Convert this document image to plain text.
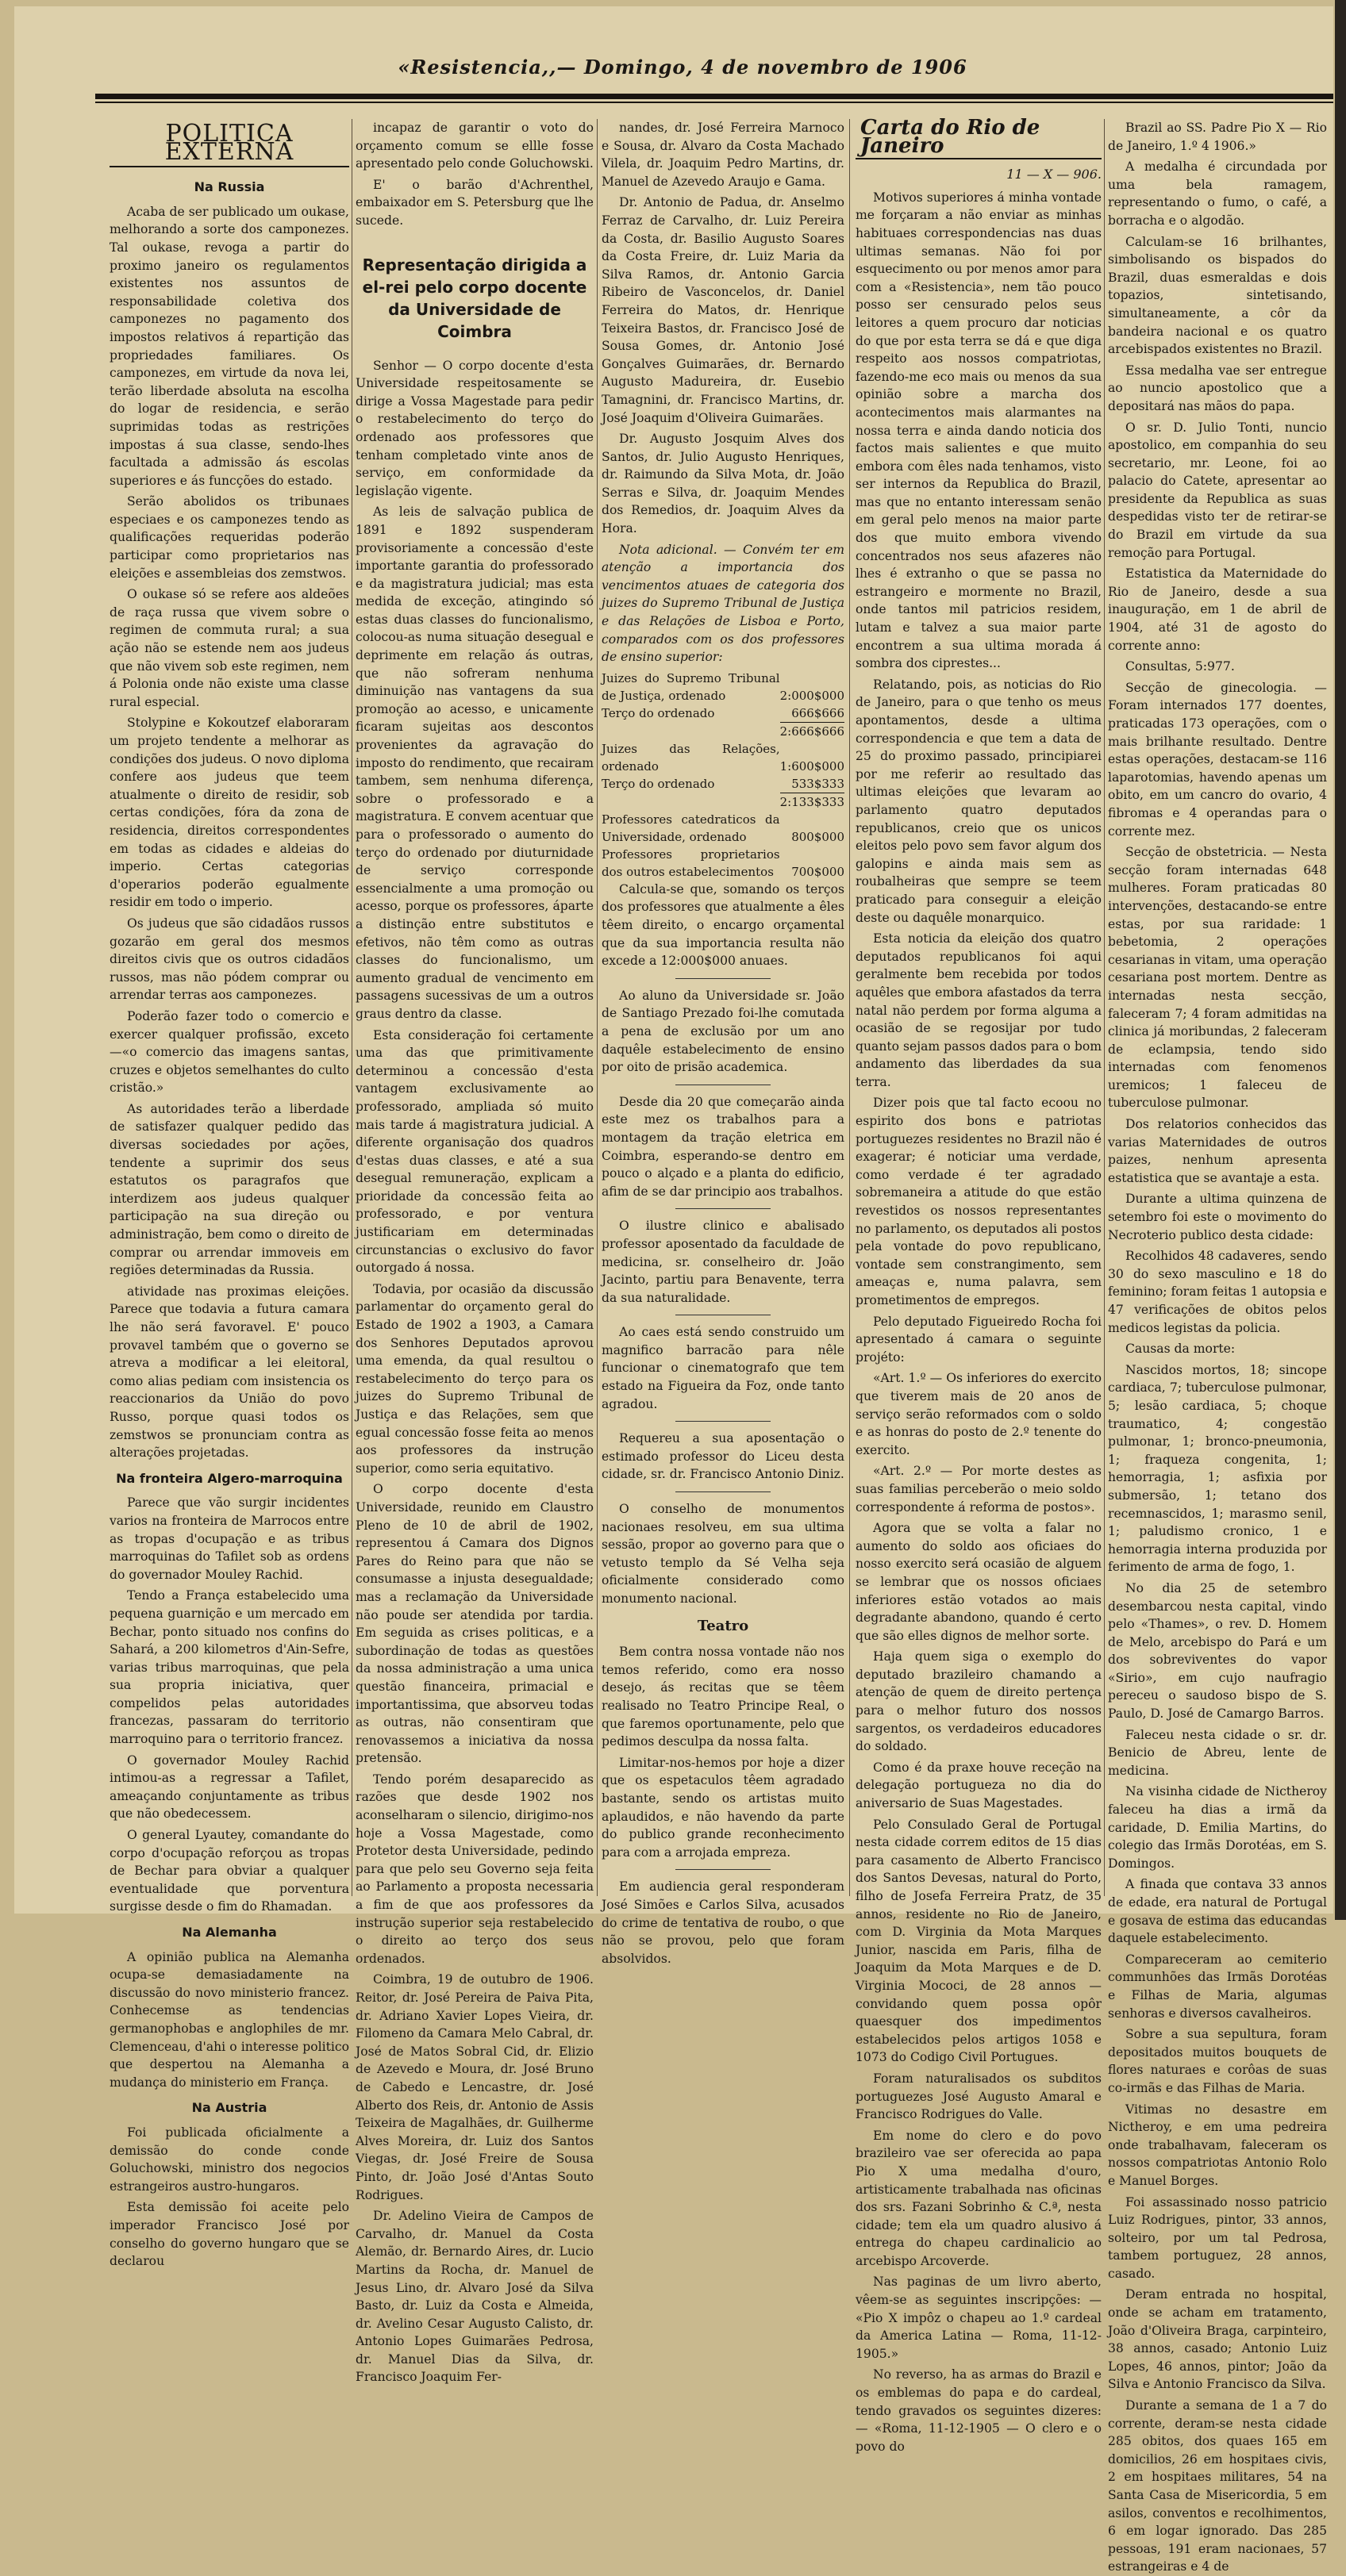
«Resistencia,,— Domingo, 4 de novembro de 1906
POLITICA EXTERNA
Na Russia

Acaba de ser publicado um oukase, melhorando a sorte dos camponezes. Tal oukase, revoga a partir do proximo janeiro os regulamentos existentes nos assuntos de responsabilidade coletiva dos camponezes no pagamento dos impostos relativos á repartição das propriedades familiares. Os camponezes, em virtude da nova lei, terão liberdade absoluta na escolha do logar de residencia, e serão suprimidas todas as restrições impostas á sua classe, sendo-lhes facultada a admissão ás escolas superiores e ás funcções do estado.

Serão abolidos os tribunaes especiaes e os camponezes tendo as qualificações requeridas poderão participar como proprietarios nas eleições e assembleias dos zemstwos.

O oukase só se refere aos aldeões de raça russa que vivem sobre o regimen de commuta rural; a sua ação não se estende nem aos judeus que não vivem sob este regimen, nem á Polonia onde não existe uma classe rural especial.

Stolypine e Kokoutzef elaboraram um projeto tendente a melhorar as condições dos judeus. O novo diploma confere aos judeus que teem atualmente o direito de residir, sob certas condições, fóra da zona de residencia, direitos correspondentes em todas as cidades e aldeias do imperio. Certas categorias d'operarios poderão egualmente residir em todo o imperio.

Os judeus que são cidadãos russos gozarão em geral dos mesmos direitos civis que os outros cidadãos russos, mas não pódem comprar ou arrendar terras aos camponezes.

Poderão fazer todo o comercio e exercer qualquer profissão, exceto—«o comercio das imagens santas, cruzes e objetos semelhantes do culto cristão.»

As autoridades terão a liberdade de satisfazer qualquer pedido das diversas sociedades por ações, tendente a suprimir dos seus estatutos os paragrafos que interdizem aos judeus qualquer participação na sua direção ou administração, bem como o direito de comprar ou arrendar immoveis em regiões determinadas da Russia.

atividade nas proximas eleições. Parece que todavia a futura camara lhe não será favoravel. E' pouco provavel também que o governo se atreva a modificar a lei eleitoral, como alias pediam com insistencia os reaccionarios da União do povo Russo, porque quasi todos os zemstwos se pronunciam contra as alterações projetadas.

Na fronteira Algero-marroquina

Parece que vão surgir incidentes varios na fronteira de Marrocos entre as tropas d'ocupação e as tribus marroquinas do Tafilet sob as ordens do governador Mouley Rachid.

Tendo a França estabelecido uma pequena guarnição e um mercado em Bechar, ponto situado nos confins do Sahará, a 200 kilometros d'Ain-Sefre, varias tribus marroquinas, que pela sua propria iniciativa, quer compelidos pelas autoridades francezas, passaram do territorio marroquino para o territorio francez.

O governador Mouley Rachid intimou-as a regressar a Tafilet, ameaçando conjuntamente as tribus que não obedecessem.

O general Lyautey, comandante do corpo d'ocupação reforçou as tropas de Bechar para obviar a qualquer eventualidade que porventura surgisse desde o fim do Rhamadan.

Na Alemanha

A opinião publica na Alemanha ocupa-se demasiadamente na discussão do novo ministerio francez. Conhecemse as tendencias germanophobas e anglophiles de mr. Clemenceau, d'ahi o interesse politico que despertou na Alemanha a mudança do ministerio em França.

Na Austria

Foi publicada oficialmente a demissão do conde conde Goluchowski, ministro dos negocios estrangeiros austro-hungaros.

Esta demissão foi aceite pelo imperador Francisco José por conselho do governo hungaro que se declarou

incapaz de garantir o voto do orçamento comum se ellle fosse apresentado pelo conde Goluchowski.

E' o barão d'Achrenthel, embaixador em S. Petersburg que lhe sucede.

Representação dirigida a el-rei pelo corpo docente da Universidade de Coimbra

Senhor — O corpo docente d'esta Universidade respeitosamente se dirige a Vossa Magestade para pedir o restabelecimento do terço do ordenado aos professores que tenham completado vinte anos de serviço, em conformidade da legislação vigente.

As leis de salvação publica de 1891 e 1892 suspenderam provisoriamente a concessão d'este importante garantia do professorado e da magistratura judicial; mas esta medida de exceção, atingindo só estas duas classes do funcionalismo, colocou-as numa situação desegual e deprimente em relação ás outras, que não sofreram nenhuma diminuição nas vantagens da sua promoção ao acesso, e unicamente ficaram sujeitas aos descontos provenientes da agravação do imposto do rendimento, que recairam tambem, sem nenhuma diferença, sobre o professorado e a magistratura. E convem acentuar que para o professorado o aumento do terço do ordenado por diuturnidade de serviço corresponde essencialmente a uma promoção ou acesso, porque os professores, áparte a distinção entre substitutos e efetivos, não têm como as outras classes do funcionalismo, um aumento gradual de vencimento em passagens sucessivas de um a outros graus dentro da classe.

Esta consideração foi certamente uma das que primitivamente determinou a concessão d'esta vantagem exclusivamente ao professorado, ampliada só muito mais tarde á magistratura judicial. A diferente organisação dos quadros d'estas duas classes, e até a sua desegual remuneração, explicam a prioridade da concessão feita ao professorado, e por ventura justificariam em determinadas circunstancias o exclusivo do favor outorgado á nossa.

Todavia, por ocasião da discussão parlamentar do orçamento geral do Estado de 1902 a 1903, a Camara dos Senhores Deputados aprovou uma emenda, da qual resultou o restabelecimento do terço para os juizes do Supremo Tribunal de Justiça e das Relações, sem que egual concessão fosse feita ao menos aos professores da instrução superior, como seria equitativo.

O corpo docente d'esta Universidade, reunido em Claustro Pleno de 10 de abril de 1902, representou á Camara dos Dignos Pares do Reino para que não se consumasse a injusta desegualdade; mas a reclamação da Universidade não poude ser atendida por tardia. Em seguida as crises politicas, e a subordinação de todas as questões da nossa administração a uma unica questão financeira, primacial e importantissima, que absorveu todas as outras, não consentiram que renovassemos a iniciativa da nossa pretensão.

Tendo porém desaparecido as razões que desde 1902 nos aconselharam o silencio, dirigimo-nos hoje a Vossa Magestade, como Protetor desta Universidade, pedindo para que pelo seu Governo seja feita ao Parlamento a proposta necessaria a fim de que aos professores da instrução superior seja restabelecido o direito ao terço dos seus ordenados.

Coimbra, 19 de outubro de 1906. Reitor, dr. José Pereira de Paiva Pita, dr. Adriano Xavier Lopes Vieira, dr. Filomeno da Camara Melo Cabral, dr. José de Matos Sobral Cid, dr. Elizio de Azevedo e Moura, dr. José Bruno de Cabedo e Lencastre, dr. José Alberto dos Reis, dr. Antonio de Assis Teixeira de Magalhães, dr. Guilherme Alves Moreira, dr. Luiz dos Santos Viegas, dr. José Freire de Sousa Pinto, dr. João José d'Antas Souto Rodrigues.

Dr. Adelino Vieira de Campos de Carvalho, dr. Manuel da Costa Alemão, dr. Bernardo Aires, dr. Lucio Martins da Rocha, dr. Manuel de Jesus Lino, dr. Alvaro José da Silva Basto, dr. Luiz da Costa e Almeida, dr. Avelino Cesar Augusto Calisto, dr. Antonio Lopes Guimarães Pedrosa, dr. Manuel Dias da Silva, dr. Francisco Joaquim Fer-

nandes, dr. José Ferreira Marnoco e Sousa, dr. Alvaro da Costa Machado Vilela, dr. Joaquim Pedro Martins, dr. Manuel de Azevedo Araujo e Gama.

Dr. Antonio de Padua, dr. Anselmo Ferraz de Carvalho, dr. Luiz Pereira da Costa, dr. Basilio Augusto Soares da Costa Freire, dr. Luiz Maria da Silva Ramos, dr. Antonio Garcia Ribeiro de Vasconcelos, dr. Daniel Ferreira do Matos, dr. Henrique Teixeira Bastos, dr. Francisco José de Sousa Gomes, dr. Antonio José Gonçalves Guimarães, dr. Bernardo Augusto Madureira, dr. Eusebio Tamagnini, dr. Francisco Martins, dr. José Joaquim d'Oliveira Guimarães.

Dr. Augusto Josquim Alves dos Santos, dr. Julio Augusto Henriques, dr. Raimundo da Silva Mota, dr. João Serras e Silva, dr. Joaquim Mendes dos Remedios, dr. Joaquim Alves da Hora.

Nota adicional. — Convém ter em atenção a importancia dos vencimentos atuaes de categoria dos juizes do Supremo Tribunal de Justiça e das Relações de Lisboa e Porto, comparados com os dos professores de ensino superior:

Juizes do Supremo Tribunal de Justiça, ordenado	2:000$000
Terço do ordenado	666$666
	2:666$666
Juizes das Relações, ordenado	1:600$000
Terço do ordenado	533$333
	2:133$333
Professores catedraticos da Universidade, ordenado	800$000
Professores proprietarios dos outros estabelecimentos	700$000

Calcula-se que, somando os terços dos professores que atualmente a êles têem direito, o encargo orçamental que da sua importancia resulta não excede a 12:000$000 anuaes.

Ao aluno da Universidade sr. João de Santiago Prezado foi-lhe comutada a pena de exclusão por um ano daquêle estabelecimento de ensino por oito de prisão academica.

Desde dia 20 que começarão ainda este mez os trabalhos para a montagem da tração eletrica em Coimbra, esperando-se dentro em pouco o alçado e a planta do edificio, afim de se dar principio aos trabalhos.

O ilustre clinico e abalisado professor aposentado da faculdade de medicina, sr. conselheiro dr. João Jacinto, partiu para Benavente, terra da sua naturalidade.

Ao caes está sendo construido um magnifico barracão para nêle funcionar o cinematografo que tem estado na Figueira da Foz, onde tanto agradou.

Requereu a sua aposentação o estimado professor do Liceu desta cidade, sr. dr. Francisco Antonio Diniz.

O conselho de monumentos nacionaes resolveu, em sua ultima sessão, propor ao governo para que o vetusto templo da Sé Velha seja oficialmente considerado como monumento nacional.

Teatro

Bem contra nossa vontade não nos temos referido, como era nosso desejo, ás recitas que se têem realisado no Teatro Principe Real, o que faremos oportunamente, pelo que pedimos desculpa da nossa falta.

Limitar-nos-hemos por hoje a dizer que os espetaculos têem agradado bastante, sendo os artistas muito aplaudidos, e não havendo da parte do publico grande reconhecimento para com a arrojada empreza.

Em audiencia geral responderam José Simões e Carlos Silva, acusados do crime de tentativa de roubo, o que não se provou, pelo que foram absolvidos.

Carta do Rio de Janeiro
11 — X — 906.

Motivos superiores á minha vontade me forçaram a não enviar as minhas habituaes correspondencias nas duas ultimas semanas. Não foi por esquecimento ou por menos amor para com a «Resistencia», nem tão pouco posso ser censurado pelos seus leitores a quem procuro dar noticias do que por esta terra se dá e que diga respeito aos nossos compatriotas, fazendo-me eco mais ou menos da sua opinião sobre a marcha dos acontecimentos mais alarmantes na nossa terra e ainda dando noticia dos factos mais salientes e que muito embora com êles nada tenhamos, visto ser internos da Republica do Brazil, mas que no entanto interessam senão em geral pelo menos na maior parte dos que muito embora vivendo concentrados nos seus afazeres não lhes é extranho o que se passa no estrangeiro e mormente no Brazil, onde tantos mil patricios residem, lutam e talvez a sua maior parte encontrem a sua ultima morada á sombra dos ciprestes...

Relatando, pois, as noticias do Rio de Janeiro, para o que tenho os meus apontamentos, desde a ultima correspondencia e que tem a data de 25 do proximo passado, principiarei por me referir ao resultado das ultimas eleições que levaram ao parlamento quatro deputados republicanos, creio que os unicos eleitos pelo povo sem favor algum dos galopins e ainda mais sem as roubalheiras que sempre se teem praticado para conseguir a eleição deste ou daquêle monarquico.

Esta noticia da eleição dos quatro deputados republicanos foi aqui geralmente bem recebida por todos aquêles que embora afastados da terra natal não perdem por forma alguma a ocasião de se regosijar por tudo quanto sejam passos dados para o bom andamento das liberdades da sua terra.

Dizer pois que tal facto ecoou no espirito dos bons e patriotas portuguezes residentes no Brazil não é exagerar; é noticiar uma verdade, como verdade é ter agradado sobremaneira a atitude do que estão revestidos os nossos representantes no parlamento, os deputados ali postos pela vontade do povo republicano, vontade sem constrangimento, sem ameaças e, numa palavra, sem prometimentos de empregos.

Pelo deputado Figueiredo Rocha foi apresentado á camara o seguinte projéto:

«Art. 1.º — Os inferiores do exercito que tiverem mais de 20 anos de serviço serão reformados com o soldo e as honras do posto de 2.º tenente do exercito.

«Art. 2.º — Por morte destes as suas familias perceberão o meio soldo correspondente á reforma de postos».

Agora que se volta a falar no aumento do soldo aos oficiaes do nosso exercito será ocasião de alguem se lembrar que os nossos oficiaes inferiores estão votados ao mais degradante abandono, quando é certo que são elles dignos de melhor sorte.

Haja quem siga o exemplo do deputado brazileiro chamando a atenção de quem de direito pertença para o melhor futuro dos nossos sargentos, os verdadeiros educadores do soldado.

Como é da praxe houve receção na delegação portugueza no dia do aniversario de Suas Magestades.

Pelo Consulado Geral de Portugal nesta cidade correm editos de 15 dias para casamento de Alberto Francisco dos Santos Devesas, natural do Porto, filho de Josefa Ferreira Pratz, de 35 annos, residente no Rio de Janeiro, com D. Virginia da Mota Marques Junior, nascida em Paris, filha de Joaquim da Mota Marques e de D. Virginia Mococi, de 28 annos — convidando quem possa opôr quaesquer dos impedimentos estabelecidos pelos artigos 1058 e 1073 do Codigo Civil Portugues.

Foram naturalisados os subditos portuguezes José Augusto Amaral e Francisco Rodrigues do Valle.

Em nome do clero e do povo brazileiro vae ser oferecida ao papa Pio X uma medalha d'ouro, artisticamente trabalhada nas oficinas dos srs. Fazani Sobrinho & C.ª, nesta cidade; tem ela um quadro alusivo á entrega do chapeu cardinalicio ao arcebispo Arcoverde.

Nas paginas de um livro aberto, vêem-se as seguintes inscripções: — «Pio X impôz o chapeu ao 1.º cardeal da America Latina — Roma, 11-12-1905.»

No reverso, ha as armas do Brazil e os emblemas do papa e do cardeal, tendo gravados os seguintes dizeres: — «Roma, 11-12-1905 — O clero e o povo do

Brazil ao SS. Padre Pio X — Rio de Janeiro, 1.º 4 1906.»

A medalha é circundada por uma bela ramagem, representando o fumo, o café, a borracha e o algodão.

Calculam-se 16 brilhantes, simbolisando os bispados do Brazil, duas esmeraldas e dois topazios, sintetisando, simultaneamente, a côr da bandeira nacional e os quatro arcebispados existentes no Brazil.

Essa medalha vae ser entregue ao nuncio apostolico que a depositará nas mãos do papa.

O sr. D. Julio Tonti, nuncio apostolico, em companhia do seu secretario, mr. Leone, foi ao palacio do Catete, apresentar ao presidente da Republica as suas despedidas visto ter de retirar-se do Brazil em virtude da sua remoção para Portugal.

Estatistica da Maternidade do Rio de Janeiro, desde a sua inauguração, em 1 de abril de 1904, até 31 de agosto do corrente anno:

Consultas, 5:977.

Secção de ginecologia. — Foram internados 177 doentes, praticadas 173 operações, com o mais brilhante resultado. Dentre estas operações, destacam-se 116 laparotomias, havendo apenas um obito, em um cancro do ovario, 4 fibromas e 4 operandas para o corrente mez.

Secção de obstetricia. — Nesta secção foram internadas 648 mulheres. Foram praticadas 80 intervenções, destacando-se entre estas, por sua raridade: 1 bebetomia, 2 operações cesarianas in vitam, uma operação cesariana post mortem. Dentre as internadas nesta secção, faleceram 7; 4 foram admitidas na clinica já moribundas, 2 faleceram de eclampsia, tendo sido internadas com fenomenos uremicos; 1 faleceu de tuberculose pulmonar.

Dos relatorios conhecidos das varias Maternidades de outros paizes, nenhum apresenta estatistica que se avantaje a esta.

Durante a ultima quinzena de setembro foi este o movimento do Necroterio publico desta cidade:

Recolhidos 48 cadaveres, sendo 30 do sexo masculino e 18 do feminino; foram feitas 1 autopsia e 47 verificações de obitos pelos medicos legistas da policia.

Causas da morte:

Nascidos mortos, 18; sincope cardiaca, 7; tuberculose pulmonar, 5; lesão cardiaca, 5; choque traumatico, 4; congestão pulmonar, 1; bronco-pneumonia, 1; fraqueza congenita, 1; hemorragia, 1; asfixia por submersão, 1; tetano dos recemnascidos, 1; marasmo senil, 1; paludismo cronico, 1 e hemorragia interna produzida por ferimento de arma de fogo, 1.

No dia 25 de setembro desembarcou nesta capital, vindo pelo «Thames», o rev. D. Homem de Melo, arcebispo do Pará e um dos sobreviventes do vapor «Sirio», em cujo naufragio pereceu o saudoso bispo de S. Paulo, D. José de Camargo Barros.

Faleceu nesta cidade o sr. dr. Benicio de Abreu, lente de medicina.

Na visinha cidade de Nictheroy faleceu ha dias a irmã da caridade, D. Emilia Martins, do colegio das Irmãs Dorotéas, em S. Domingos.

A finada que contava 33 annos de edade, era natural de Portugal e gosava de estima das educandas daquele estabelecimento.

Compareceram ao cemiterio communhões das Irmãs Dorotéas e Filhas de Maria, algumas senhoras e diversos cavalheiros.

Sobre a sua sepultura, foram depositados muitos bouquets de flores naturaes e corôas de suas co-irmãs e das Filhas de Maria.

Vitimas no desastre em Nictheroy, e em uma pedreira onde trabalhavam, faleceram os nossos compatriotas Antonio Rolo e Manuel Borges.

Foi assassinado nosso patricio Luiz Rodrigues, pintor, 33 annos, solteiro, por um tal Pedrosa, tambem portuguez, 28 annos, casado.

Deram entrada no hospital, onde se acham em tratamento, João d'Oliveira Braga, carpinteiro, 38 annos, casado; Antonio Luiz Lopes, 46 annos, pintor; João da Silva e Antonio Francisco da Silva.

Durante a semana de 1 a 7 do corrente, deram-se nesta cidade 285 obitos, dos quaes 165 em domicilios, 26 em hospitaes civis, 2 em hospitaes militares, 54 na Santa Casa de Misericordia, 5 em asilos, conventos e recolhimentos, 6 em logar ignorado. Das 285 pessoas, 191 eram nacionaes, 57 estrangeiras e 4 de
